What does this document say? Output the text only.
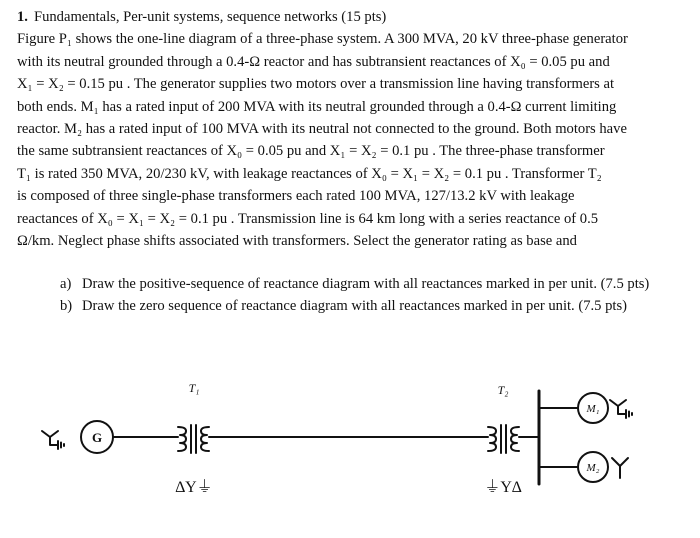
1. Fundamentals, Per-unit systems, sequence networks (15 pts)

Figure P₁ shows the one-line diagram of a three-phase system. A 300 MVA, 20 kV three-phase generator
with its neutral grounded through a 0.4-Ω reactor and has subtransient reactances of X₀ = 0.05 pu and
X₁ = X₂ = 0.15 pu . The generator supplies two motors over a transmission line having transformers at
both ends. M₁ has a rated input of 200 MVA with its neutral grounded through a 0.4-Ω current limiting
reactor. M₂ has a rated input of 100 MVA with its neutral not connected to the ground. Both motors have
the same subtransient reactances of X₀ = 0.05 pu and X₁ = X₂ = 0.1 pu . The three-phase transformer
T₁ is rated 350 MVA, 20/230 kV, with leakage reactances of X₀ = X₁ = X₂ = 0.1 pu . Transformer T₂
is composed of three single-phase transformers each rated 100 MVA, 127/13.2 kV with leakage
reactances of X₀ = X₁ = X₂ = 0.1 pu . Transmission line is 64 km long with a series reactance of 0.5
Ω/km. Neglect phase shifts associated with transformers. Select the generator rating as base and

a) Draw the positive-sequence of reactance diagram with all reactances marked in per unit. (7.5 pts)
b) Draw the zero sequence of reactance diagram with all reactances marked in per unit. (7.5 pts)
G
T₁
∆Y⏚
T₂
⏚Y∆
M₁
M₂
